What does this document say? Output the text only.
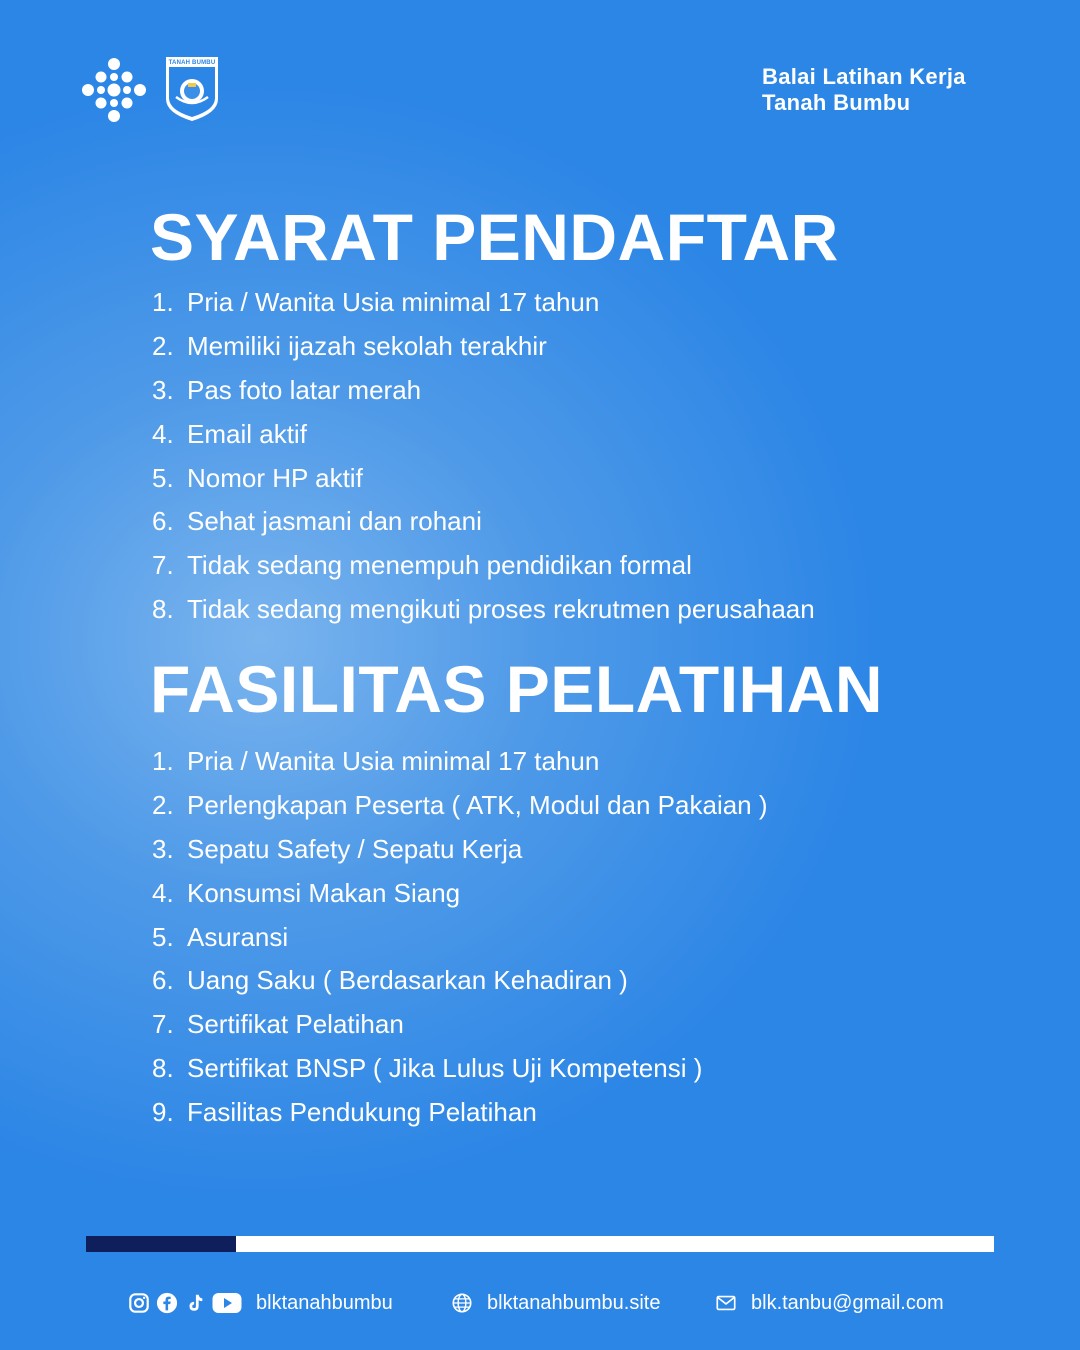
TANAH BUMBU
Balai Latihan Kerja
Tanah Bumbu
SYARAT PENDAFTAR
1. Pria / Wanita Usia minimal 17 tahun
2. Memiliki ijazah sekolah terakhir
3. Pas foto latar merah
4. Email aktif
5. Nomor HP aktif
6. Sehat jasmani dan rohani
7. Tidak sedang menempuh pendidikan formal
8. Tidak sedang mengikuti proses rekrutmen perusahaan
FASILITAS PELATIHAN
1. Pria / Wanita Usia minimal 17 tahun
2. Perlengkapan Peserta ( ATK, Modul dan Pakaian )
3. Sepatu Safety / Sepatu Kerja
4. Konsumsi Makan Siang
5. Asuransi
6. Uang Saku ( Berdasarkan Kehadiran )
7. Sertifikat Pelatihan
8. Sertifikat BNSP ( Jika Lulus Uji Kompetensi )
9. Fasilitas Pendukung Pelatihan
blktanahbumbu	blktanahbumbu.site	blk.tanbu@gmail.com
